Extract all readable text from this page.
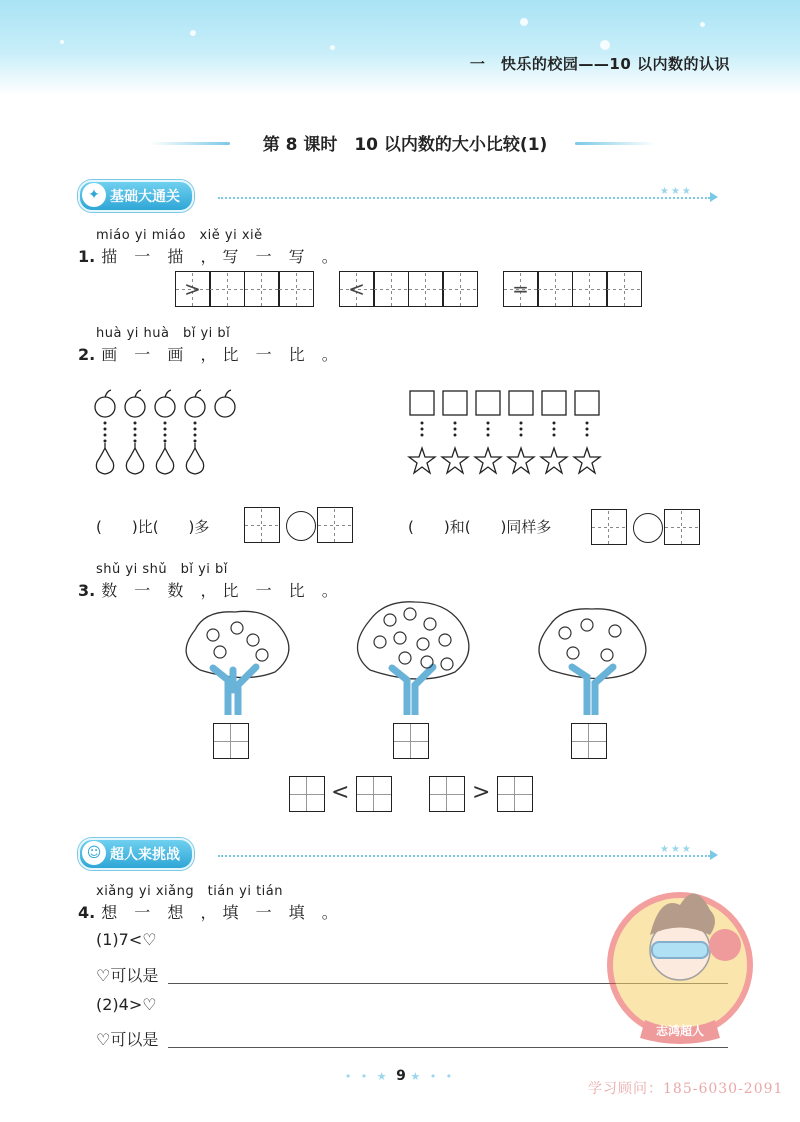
一　快乐的校园——10 以内数的认识
第 8 课时　10 以内数的大小比较(1)
✦ 基础大通关	★★★
miáo yi miáo　xiě yi xiě
1. 描 一 描 ，写 一 写 。
>	<	=
huà yi huà　bǐ yi bǐ
2. 画 一 画 ，比 一 比 。
(　　)比(　　)多	(　　)和(　　)同样多
shǔ yi shǔ　bǐ yi bǐ
3. 数 一 数 ，比 一 比 。
<	>
☺ 超人来挑战	★★★
xiǎng yi xiǎng　tián yi tián
4. 想 一 想 ，填 一 填 。
(1)7<♡
♡可以是
(2)4>♡
♡可以是	志鸿超人
• • ★ 9 ★ • •
学习顾问：185-6030-2091
